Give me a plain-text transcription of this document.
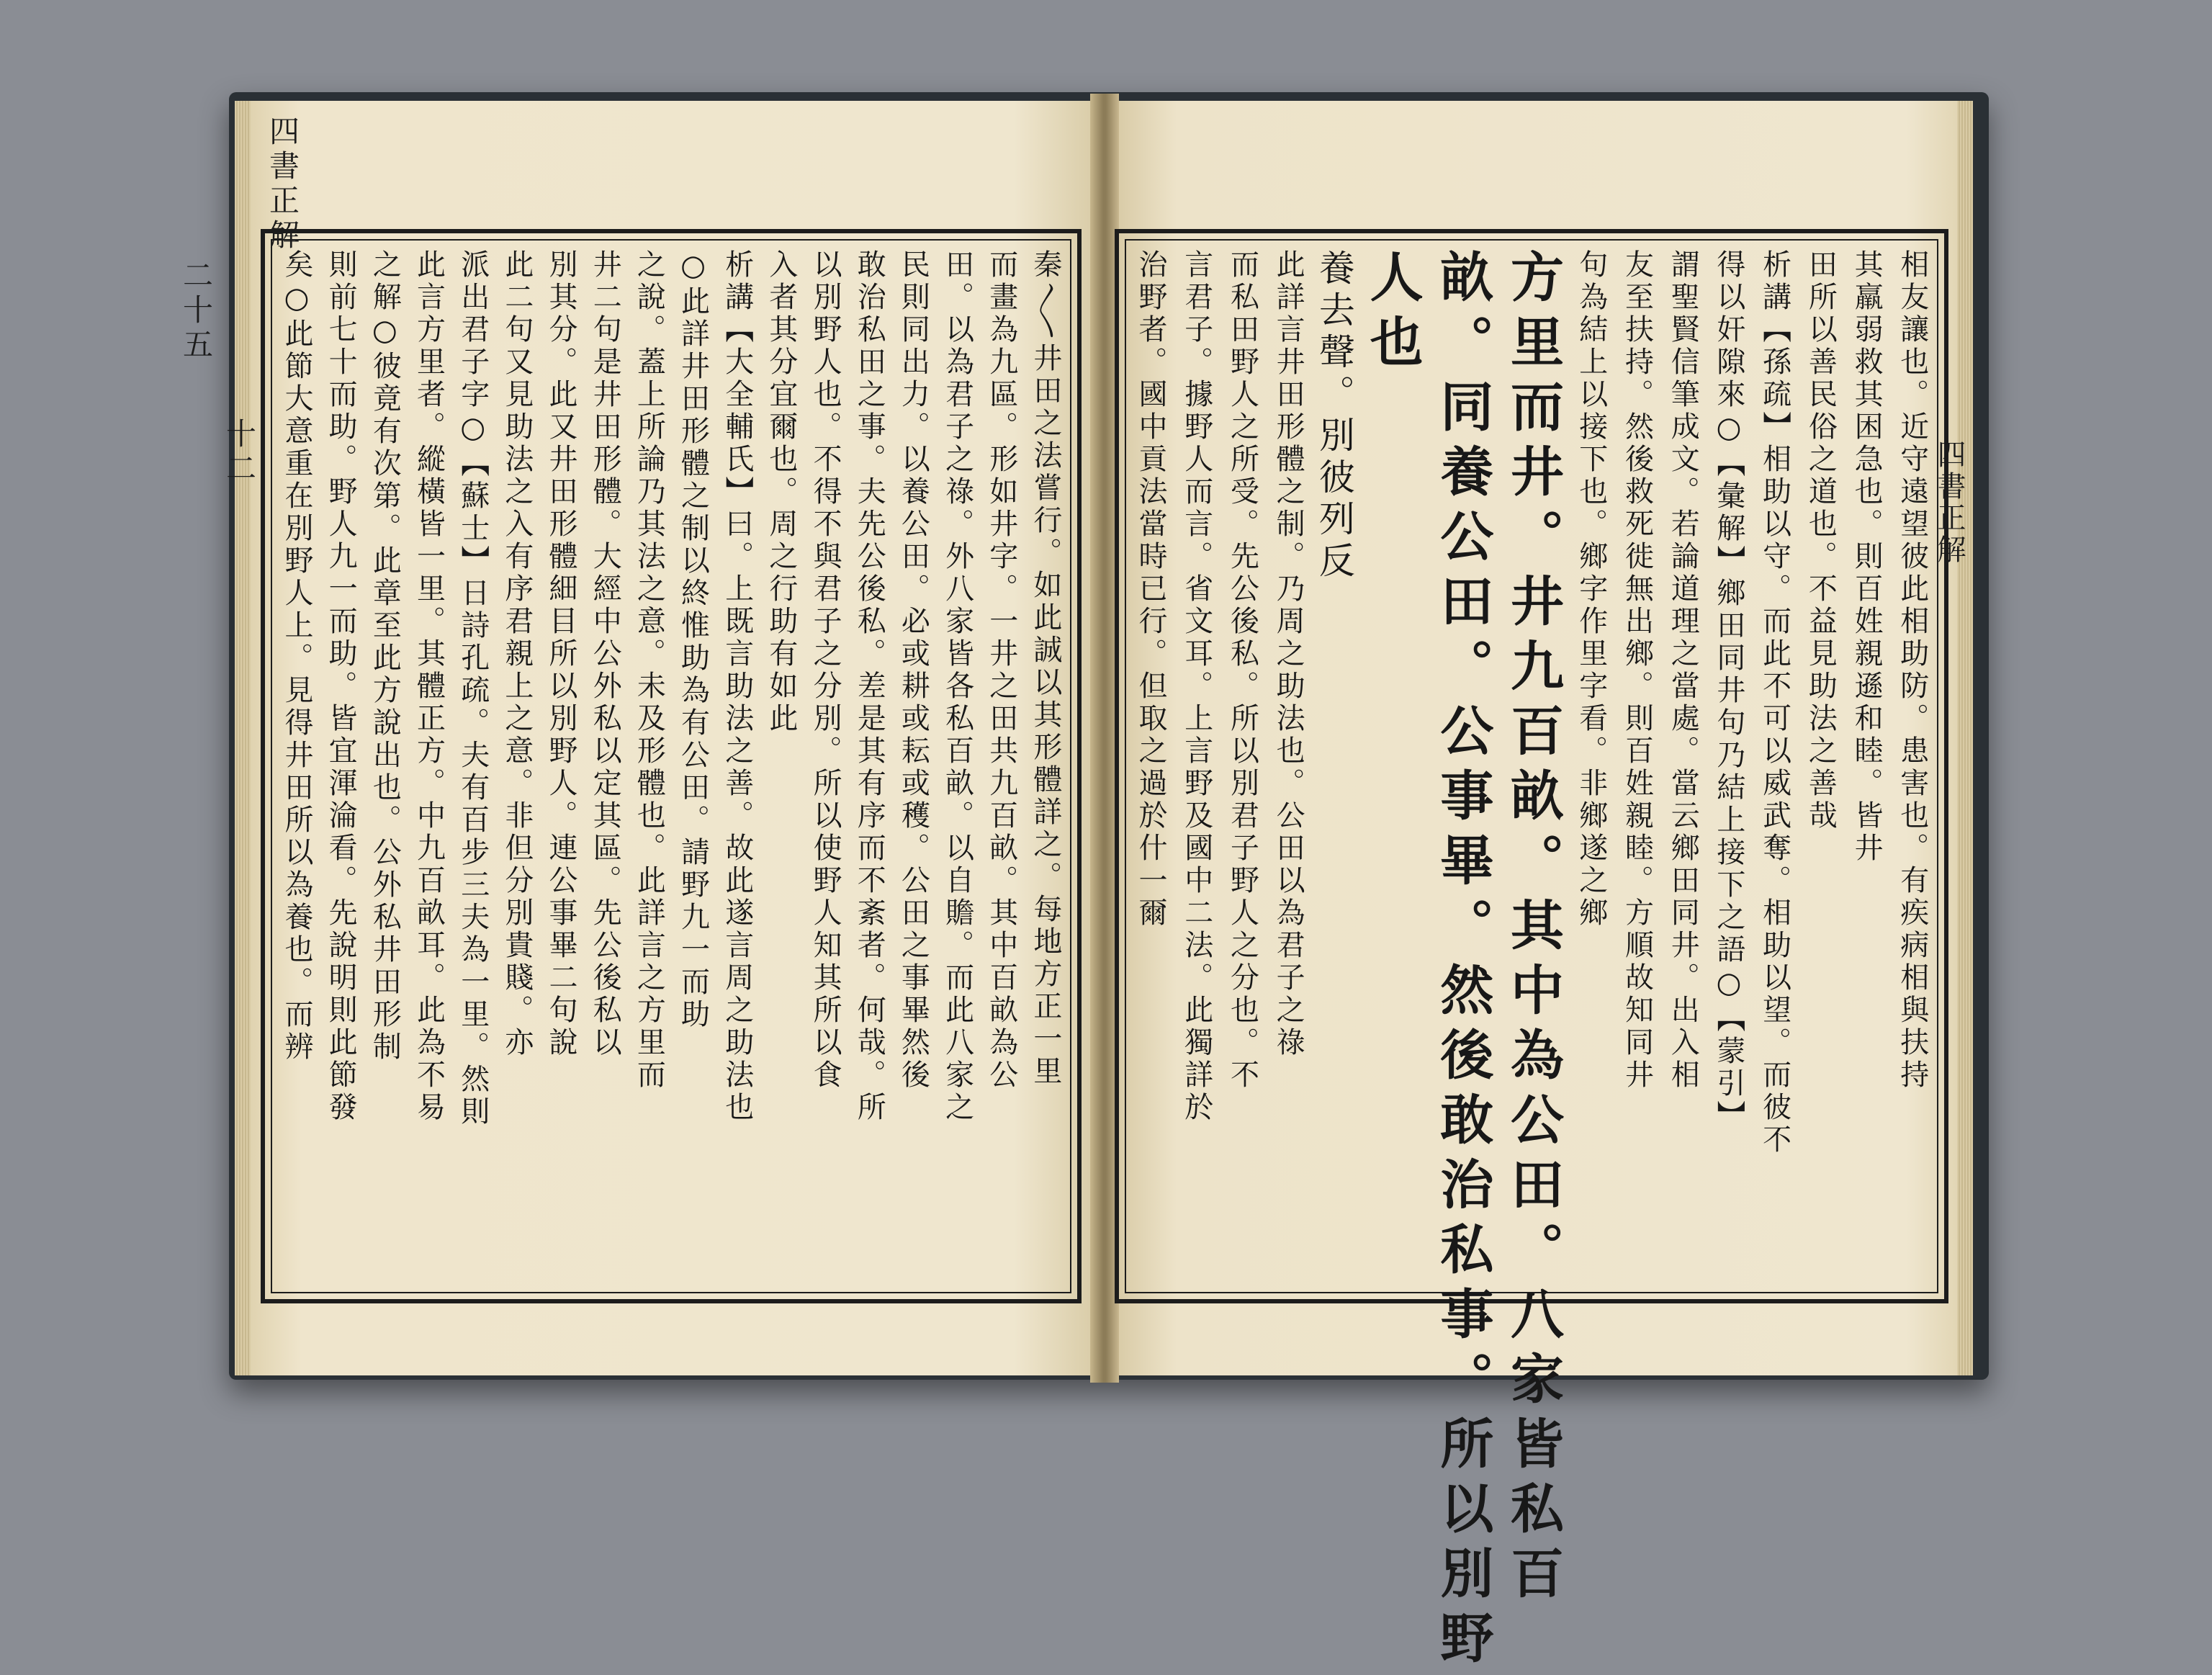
四書正解
十二
二十五	秦〳〵井田之法嘗行。如此誠以其形體詳之。每地方正一里
而畫為九區。形如井字。一井之田共九百畝。其中百畝為公
田。以為君子之祿。外八家皆各私百畝。以自贍。而此八家之
民則同出力。以養公田。必或耕或耘或穫。公田之事畢然後
敢治私田之事。夫先公後私。差是其有序而不紊者。何哉。所
以別野人也。不得不與君子之分別。所以使野人知其所以食
入者其分宜爾也。周之行助有如此
析講【大全輔氏】曰。上既言助法之善。故此遂言周之助法也
○此詳井田形體之制以終惟助為有公田。請野九一而助
之說。蓋上所論乃其法之意。未及形體也。此詳言之方里而
井二句是井田形體。大經中公外私以定其區。先公後私以
別其分。此又井田形體細目所以別野人。連公事畢二句說
此二句又見助法之入有序君親上之意。非但分別貴賤。亦
派出君子字○【蘇士】日詩孔疏。夫有百步三夫為一里。然則
此言方里者。縱橫皆一里。其體正方。中九百畝耳。此為不易
之解○彼竟有次第。此章至此方說出也。公外私井田形制
則前七十而助。野人九一而助。皆宜渾淪看。先說明則此節發
矣○此節大意重在別野人上。見得井田所以為養也。而辨	相友讓也。近守遠望彼此相助防。患害也。有疾病相與扶持
其羸弱救其困急也。則百姓親遜和睦。皆井
田所以善民俗之道也。不益見助法之善哉
析講【孫疏】相助以守。而此不可以威武奪。相助以望。而彼不
得以奸隙來○【彙解】鄉田同井句乃結上接下之語○【蒙引】
謂聖賢信筆成文。若論道理之當處。當云鄉田同井。出入相
友至扶持。然後救死徙無出鄉。則百姓親睦。方順故知同井
句為結上以接下也。鄉字作里字看。非鄉遂之鄉
方里而井。井九百畝。其中為公田。八家皆私百
畝。同養公田。公事畢。然後敢治私事。所以別野
人也
養去聲。別彼列反
此詳言井田形體之制。乃周之助法也。公田以為君子之祿
而私田野人之所受。先公後私。所以別君子野人之分也。不
言君子。據野人而言。省文耳。上言野及國中二法。此獨詳於
治野者。國中貢法當時已行。但取之過於什一爾	四書正解
